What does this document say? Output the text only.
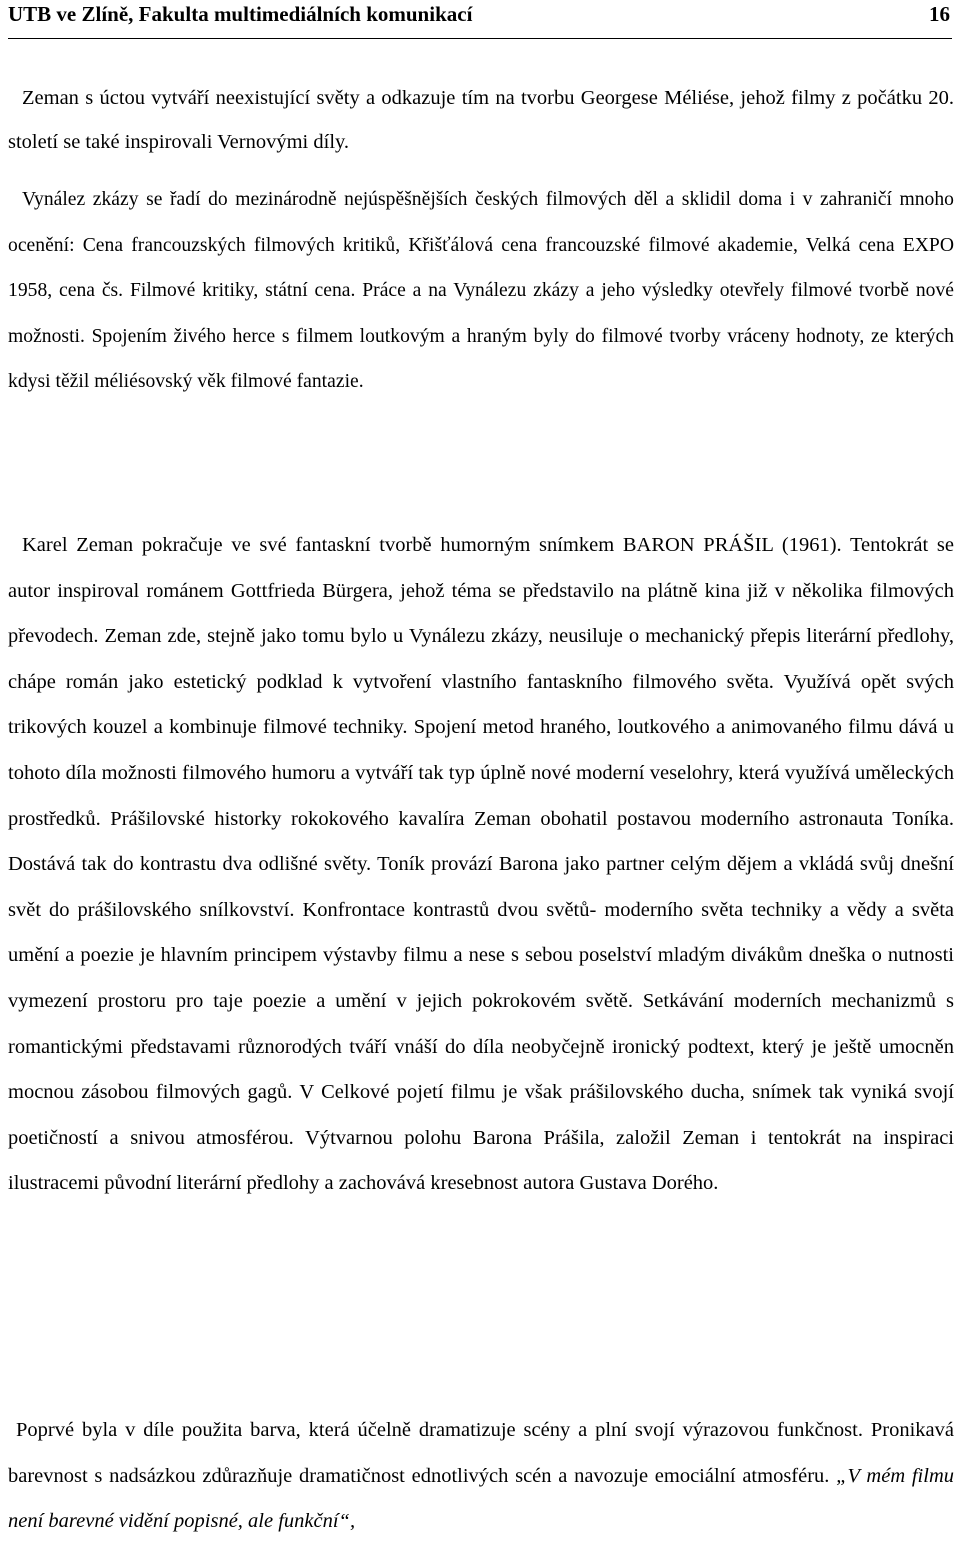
UTB ve Zlíně, Fakulta multimediálních komunikací	16

Zeman s úctou vytváří neexistující světy a odkazuje tím na tvorbu Georgese Méliése, jehož filmy z počátku 20. století se také inspirovali Vernovými díly.

Vynález zkázy se řadí do mezinárodně nejúspěšnějších českých filmových děl a sklidil doma i v zahraničí mnoho ocenění: Cena francouzských filmových kritiků, Křišťálová cena francouzské filmové akademie, Velká cena EXPO 1958, cena čs. Filmové kritiky, státní cena. Práce a na Vynálezu zkázy a jeho výsledky otevřely filmové tvorbě nové možnosti. Spojením živého herce s filmem loutkovým a hraným byly do filmové tvorby vráceny hodnoty, ze kterých kdysi těžil méliésovský věk filmové fantazie.

Karel Zeman pokračuje ve své fantaskní tvorbě humorným snímkem BARON PRÁŠIL (1961). Tentokrát se autor inspiroval románem Gottfrieda Bürgera, jehož téma se představilo na plátně kina již v několika filmových převodech. Zeman zde, stejně jako tomu bylo u Vynálezu zkázy, neusiluje o mechanický přepis literární předlohy, chápe román jako estetický podklad k vytvoření vlastního fantaskního filmového světa. Využívá opět svých trikových kouzel a kombinuje filmové techniky. Spojení metod hraného, loutkového a animovaného filmu dává u tohoto díla možnosti filmového humoru a vytváří tak typ úplně nové moderní veselohry, která využívá uměleckých prostředků. Prášilovské historky rokokového kavalíra Zeman obohatil postavou moderního astronauta Toníka. Dostává tak do kontrastu dva odlišné světy. Toník provází Barona jako partner celým dějem a vkládá svůj dnešní svět do prášilovského snílkovství. Konfrontace kontrastů dvou světů- moderního světa techniky a vědy a světa umění a poezie je hlavním principem výstavby filmu a nese s sebou poselství mladým divákům dneška o nutnosti vymezení prostoru pro taje poezie a umění v jejich pokrokovém světě. Setkávání moderních mechanizmů s romantickými představami různorodých tváří vnáší do díla neobyčejně ironický podtext, který je ještě umocněn mocnou zásobou filmových gagů. V Celkové pojetí filmu je však prášilovského ducha, snímek tak vyniká svojí poetičností a snivou atmosférou. Výtvarnou polohu Barona Prášila, založil Zeman i tentokrát na inspiraci ilustracemi původní literární předlohy a zachovává kresebnost autora Gustava Dorého.

Poprvé byla v díle použita barva, která účelně dramatizuje scény a plní svojí výrazovou funkčnost. Pronikavá barevnost s nadsázkou zdůrazňuje dramatičnost ednotlivých scén a navozuje emociální atmosféru. „V mém filmu není barevné vidění popisné, ale funkční“,
